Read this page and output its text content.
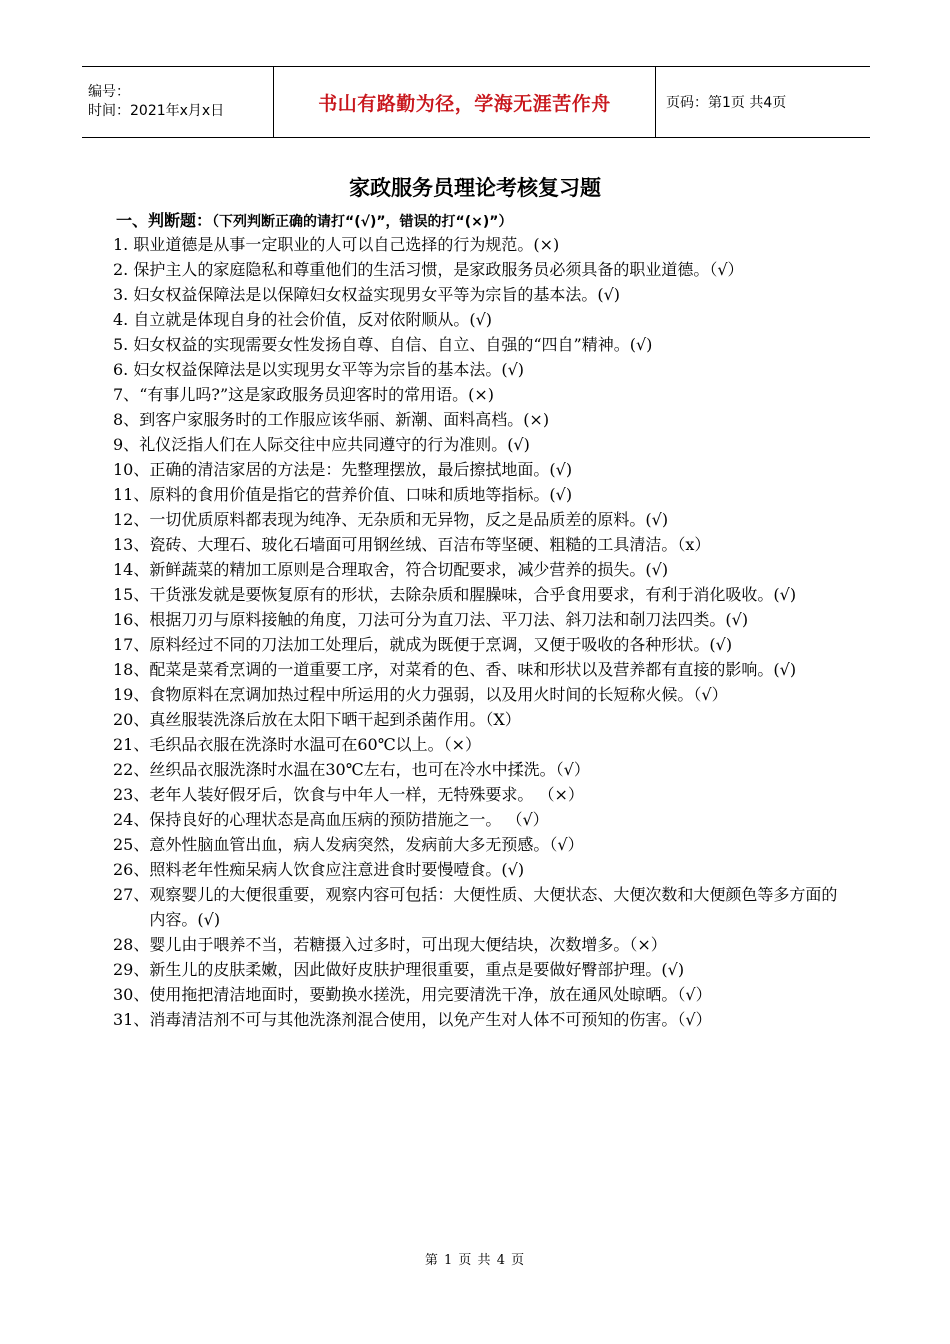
编号：
时间：2021年x月x日	书山有路勤为径，学海无涯苦作舟	页码：第1页 共4页
家政服务员理论考核复习题
一、判断题：（下列判断正确的请打“(√)”，错误的打“(×)”）
1. 职业道德是从事一定职业的人可以自己选择的行为规范。(×)
2. 保护主人的家庭隐私和尊重他们的生活习惯，是家政服务员必须具备的职业道德。（√）
3. 妇女权益保障法是以保障妇女权益实现男女平等为宗旨的基本法。(√)
4. 自立就是体现自身的社会价值，反对依附顺从。(√)
5. 妇女权益的实现需要女性发扬自尊、自信、自立、自强的“四自”精神。(√)
6. 妇女权益保障法是以实现男女平等为宗旨的基本法。(√)
7、 “有事儿吗?”这是家政服务员迎客时的常用语。(×)
8、 到客户家服务时的工作服应该华丽、新潮、面料高档。(×)
9、 礼仪泛指人们在人际交往中应共同遵守的行为准则。(√)
10、 正确的清洁家居的方法是：先整理摆放，最后擦拭地面。(√)
11、 原料的食用价值是指它的营养价值、口味和质地等指标。(√)
12、 一切优质原料都表现为纯净、无杂质和无异物，反之是品质差的原料。(√)
13、 瓷砖、大理石、玻化石墙面可用钢丝绒、百洁布等坚硬、粗糙的工具清洁。（x）
14、 新鲜蔬菜的精加工原则是合理取舍，符合切配要求，减少营养的损失。(√)
15、 干货涨发就是要恢复原有的形状，去除杂质和腥臊味，合乎食用要求，有利于消化吸收。(√)
16、 根据刀刃与原料接触的角度，刀法可分为直刀法、平刀法、斜刀法和剞刀法四类。(√)
17、 原料经过不同的刀法加工处理后，就成为既便于烹调，又便于吸收的各种形状。(√)
18、 配菜是菜肴烹调的一道重要工序，对菜肴的色、香、味和形状以及营养都有直接的影响。(√)
19、 食物原料在烹调加热过程中所运用的火力强弱，以及用火时间的长短称火候。（√）
20、 真丝服装洗涤后放在太阳下晒干起到杀菌作用。（X）
21、 毛织品衣服在洗涤时水温可在60℃以上。（×）
22、 丝织品衣服洗涤时水温在30℃左右，也可在冷水中揉洗。（√）
23、 老年人装好假牙后，饮食与中年人一样，无特殊要求。 （×）
24、 保持良好的心理状态是高血压病的预防措施之一。 （√）
25、 意外性脑血管出血，病人发病突然，发病前大多无预感。（√）
26、 照料老年性痴呆病人饮食应注意进食时要慢噎食。(√)
27、 观察婴儿的大便很重要，观察内容可包括：大便性质、大便状态、大便次数和大便颜色等多方面的内容。(√)
28、 婴儿由于喂养不当，若糖摄入过多时，可出现大便结块，次数增多。（×）
29、 新生儿的皮肤柔嫩，因此做好皮肤护理很重要，重点是要做好臀部护理。(√)
30、 使用拖把清洁地面时，要勤换水搓洗，用完要清洗干净，放在通风处晾晒。（√）
31、 消毒清洁剂不可与其他洗涤剂混合使用，以免产生对人体不可预知的伤害。（√）
第 1 页 共 4 页
